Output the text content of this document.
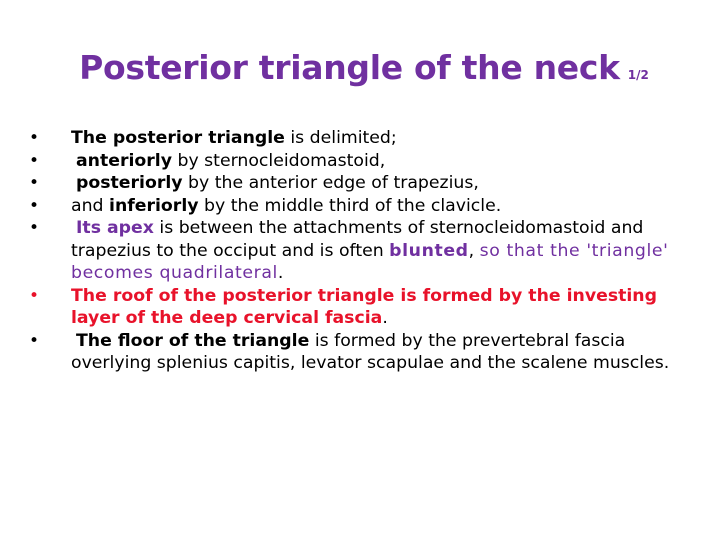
Posterior triangle of the neck 1/2
•	The posterior triangle is delimited;
•	anteriorly by sternocleidomastoid,
•	posteriorly by the anterior edge of trapezius,
•	and inferiorly by the middle third of the clavicle.
•	Its apex is between the attachments of sternocleidomastoid and trapezius to the occiput and is often blunted, so that the 'triangle' becomes quadrilateral.
•	The roof of the posterior triangle is formed by the investing layer of the deep cervical fascia.
•	The floor of the triangle is formed by the prevertebral fascia overlying splenius capitis, levator scapulae and the scalene muscles.
